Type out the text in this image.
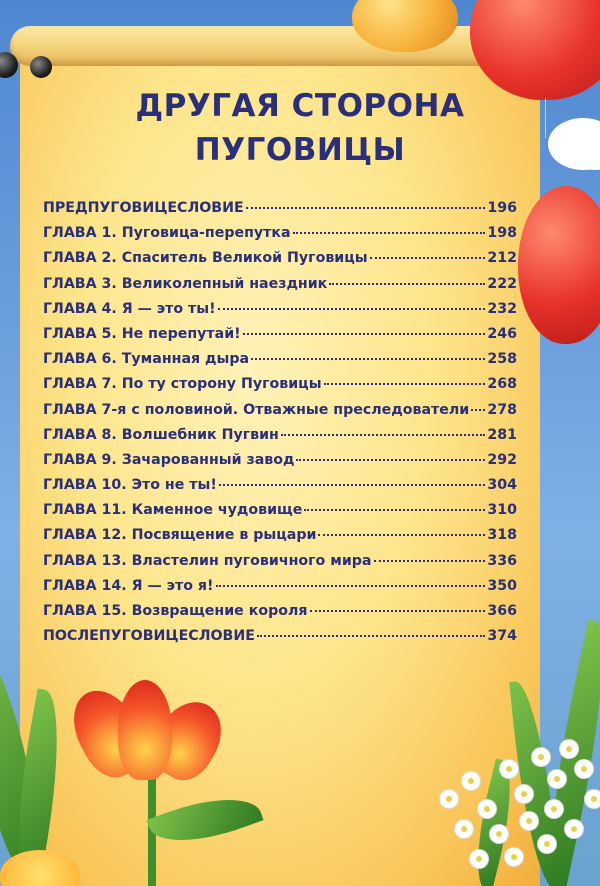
ДРУГАЯ СТОРОНА
ПУГОВИЦЫ
ПРЕДПУГОВИЦЕСЛОВИЕ	196
ГЛАВА 1. Пуговица-перепутка	198
ГЛАВА 2. Спаситель Великой Пуговицы	212
ГЛАВА 3. Великолепный наездник	222
ГЛАВА 4. Я — это ты!	232
ГЛАВА 5. Не перепутай!	246
ГЛАВА 6. Туманная дыра	258
ГЛАВА 7. По ту сторону Пуговицы	268
ГЛАВА 7-я с половиной. Отважные преследователи 278
ГЛАВА 8. Волшебник Пугвин	281
ГЛАВА 9. Зачарованный завод	292
ГЛАВА 10. Это не ты!	304
ГЛАВА 11. Каменное чудовище	310
ГЛАВА 12. Посвящение в рыцари	318
ГЛАВА 13. Властелин пуговичного мира	336
ГЛАВА 14. Я — это я!	350
ГЛАВА 15. Возвращение короля	366
ПОСЛЕПУГОВИЦЕСЛОВИЕ	374
